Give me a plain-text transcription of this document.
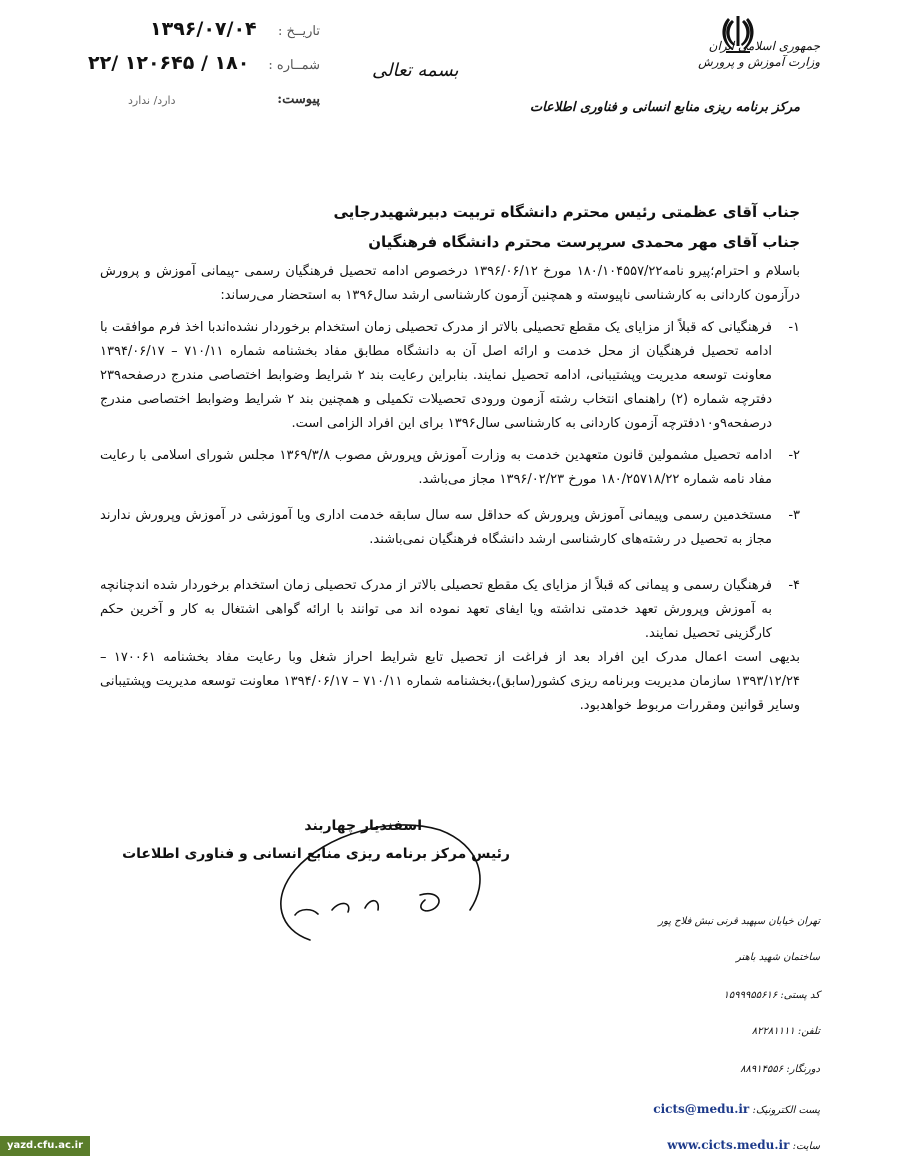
تاریــخ :
۱۳۹۶/۰۷/۰۴
شمــاره :
۱۸۰ / ۱۲۰۶۴۵ /۲۲
پیوست:
دارد/ ندارد
بسمه تعالی
جمهوری اسلامی ایران
وزارت آموزش و پرورش
مرکز برنامه ریزی منابع انسانی و فناوری اطلاعات
جناب آقای عظمتی رئیس محترم دانشگاه تربیت دبیرشهیدرجایی
جناب آقای مهر محمدی سرپرست محترم دانشگاه فرهنگیان

باسلام و احترام؛پیرو نامه۱۸۰/۱۰۴۵۵۷/۲۲ مورخ ۱۳۹۶/۰۶/۱۲ درخصوص ادامه تحصیل فرهنگیان رسمی -پیمانی آموزش و پرورش درآزمون کاردانی به کارشناسی ناپیوسته و همچنین آزمون کارشناسی ارشد سال۱۳۹۶ به استحضار می‌رساند:

۱-
فرهنگیانی که قبلاً از مزایای یک مقطع تحصیلی بالاتر از مدرک تحصیلی زمان استخدام برخوردار نشده‌اندبا اخذ فرم موافقت با ادامه تحصیل فرهنگیان از محل خدمت و ارائه اصل آن به دانشگاه مطابق مفاد بخشنامه شماره ۷۱۰/۱۱ – ۱۳۹۴/۰۶/۱۷ معاونت توسعه مدیریت وپشتیبانی، ادامه تحصیل نمایند. بنابراین رعایت بند ۲ شرایط وضوابط اختصاصی مندرج درصفحه۲۳۹ دفترچه شماره (۲) راهنمای انتخاب رشته آزمون ورودی تحصیلات تکمیلی و همچنین بند ۲ شرایط وضوابط اختصاصی مندرج درصفحه۹و۱۰دفترچه آزمون کاردانی به کارشناسی سال۱۳۹۶ برای این افراد الزامی است.
۲-
ادامه تحصیل مشمولین قانون متعهدین خدمت به وزارت آموزش وپرورش مصوب ۱۳۶۹/۳/۸ مجلس شورای اسلامی با رعایت مفاد نامه شماره ۱۸۰/۲۵۷۱۸/۲۲ مورخ ۱۳۹۶/۰۲/۲۳ مجاز می‌باشد.
۳-
مستخدمین رسمی وپیمانی آموزش وپرورش که حداقل سه سال سابقه خدمت اداری ویا آموزشی در آموزش وپرورش ندارند مجاز به تحصیل در رشته‌های کارشناسی ارشد دانشگاه فرهنگیان نمی‌باشند.
۴-
فرهنگیان رسمی و پیمانی که قبلاً از مزایای یک مقطع تحصیلی بالاتر از مدرک تحصیلی زمان استخدام برخوردار شده اندچنانچه به آموزش وپرورش تعهد خدمتی نداشته ویا ایفای تعهد نموده اند می توانند با ارائه گواهی اشتغال به کار و آخرین حکم کارگزینی تحصیل نمایند.

بدیهی است اعمال مدرک این افراد بعد از فراغت از تحصیل تابع شرایط احراز شغل وبا رعایت مفاد بخشنامه ۱۷۰۰۶۱ – ۱۳۹۳/۱۲/۲۴ سازمان مدیریت وبرنامه ریزی کشور(سابق)،بخشنامه شماره ۷۱۰/۱۱ – ۱۳۹۴/۰۶/۱۷ معاونت توسعه مدیریت وپشتیبانی وسایر قوانین ومقررات مربوط خواهدبود.

اسفندیار چهاربند
رئیس مرکز برنامه ریزی منابع انسانی و فناوری اطلاعات
تهران خیابان سپهبد قرنی نبش فلاح پور
ساختمان شهید باهنر
کد پستی: ۱۵۹۹۹۵۵۶۱۶
تلفن: ۸۲۲۸۱۱۱۱
دورنگار: ۸۸۹۱۴۵۵۶
پست الکترونیک: cicts@medu.ir
سایت: www.cicts.medu.ir
yazd.cfu.ac.ir
